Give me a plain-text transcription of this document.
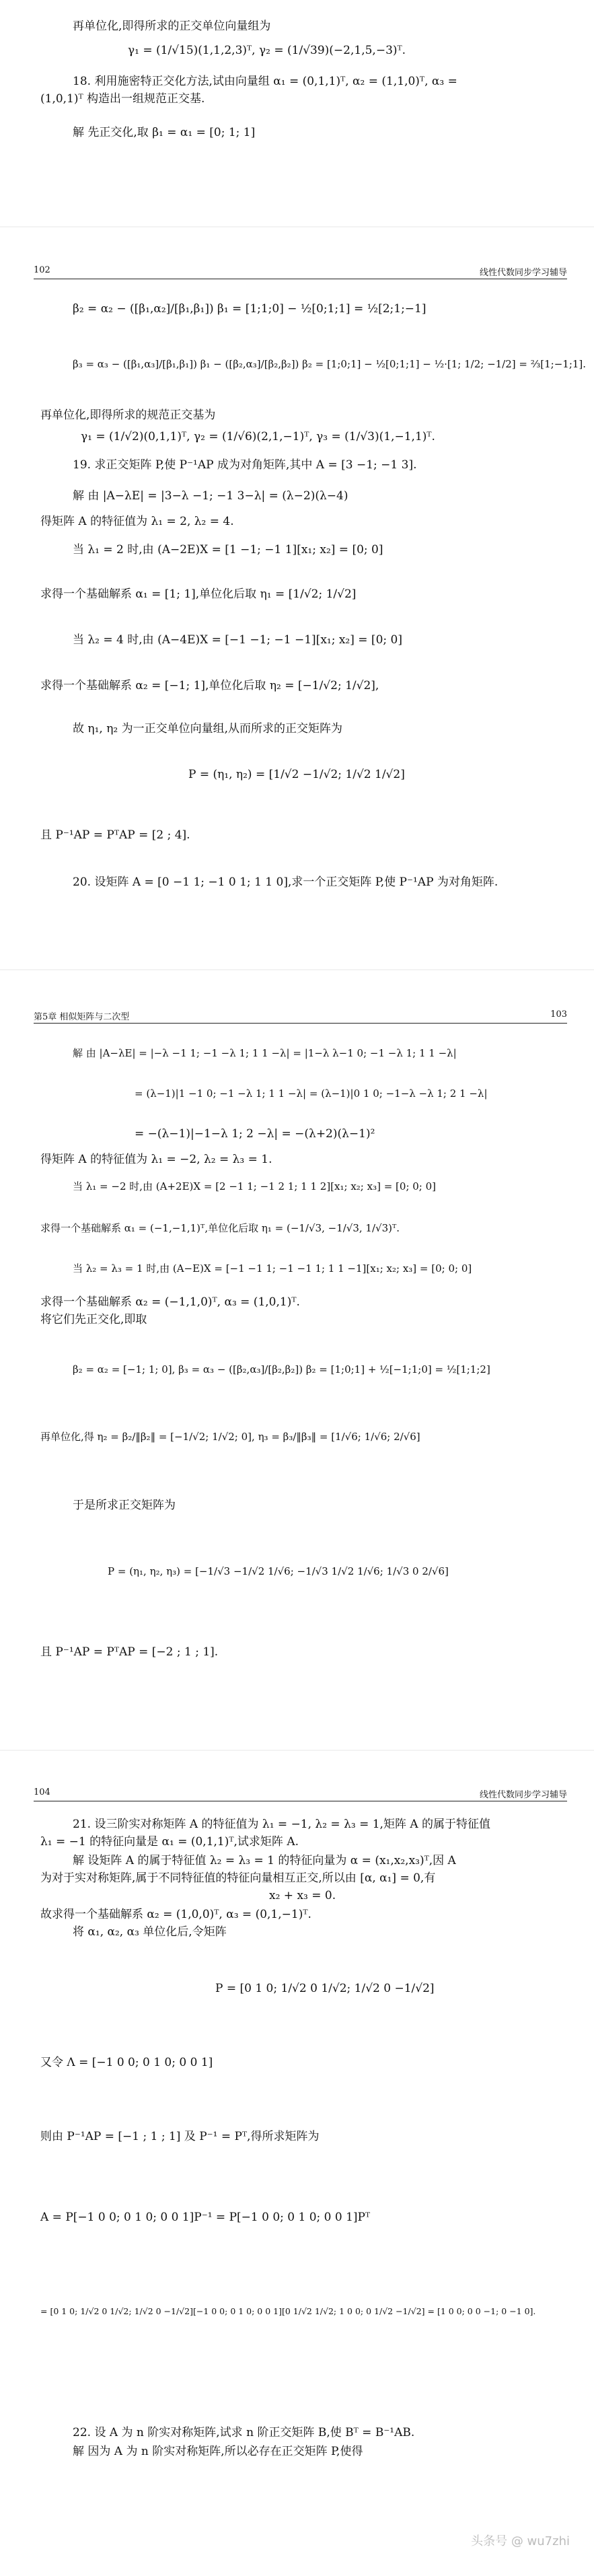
再单位化,即得所求的正交单位向量组为
γ₁ = (1/√15)(1,1,2,3)ᵀ, γ₂ = (1/√39)(−2,1,5,−3)ᵀ.
18. 利用施密特正交化方法,试由向量组 α₁ = (0,1,1)ᵀ, α₂ = (1,1,0)ᵀ, α₃ =
(1,0,1)ᵀ 构造出一组规范正交基.
解 先正交化,取 β₁ = α₁ = [0; 1; 1]
102	线性代数同步学习辅导
β₂ = α₂ − ([β₁,α₂]/[β₁,β₁]) β₁ = [1;1;0] − ½[0;1;1] = ½[2;1;−1]
β₃ = α₃ − ([β₁,α₃]/[β₁,β₁]) β₁ − ([β₂,α₃]/[β₂,β₂]) β₂ = [1;0;1] − ½[0;1;1] − ½·[1; 1/2; −1/2] = ⅔[1;−1;1].
再单位化,即得所求的规范正交基为
γ₁ = (1/√2)(0,1,1)ᵀ, γ₂ = (1/√6)(2,1,−1)ᵀ, γ₃ = (1/√3)(1,−1,1)ᵀ.
19. 求正交矩阵 P,使 P⁻¹AP 成为对角矩阵,其中 A = [3 −1; −1 3].
解 由 |A−λE| = |3−λ −1; −1 3−λ| = (λ−2)(λ−4)
得矩阵 A 的特征值为 λ₁ = 2, λ₂ = 4.
当 λ₁ = 2 时,由 (A−2E)X = [1 −1; −1 1][x₁; x₂] = [0; 0]
求得一个基础解系 α₁ = [1; 1],单位化后取 η₁ = [1/√2; 1/√2]
当 λ₂ = 4 时,由 (A−4E)X = [−1 −1; −1 −1][x₁; x₂] = [0; 0]
求得一个基础解系 α₂ = [−1; 1],单位化后取 η₂ = [−1/√2; 1/√2],
故 η₁, η₂ 为一正交单位向量组,从而所求的正交矩阵为
P = (η₁, η₂) = [1/√2 −1/√2; 1/√2 1/√2]
且 P⁻¹AP = PᵀAP = [2 ; 4].
20. 设矩阵 A = [0 −1 1; −1 0 1; 1 1 0],求一个正交矩阵 P,使 P⁻¹AP 为对角矩阵.
第5章 相似矩阵与二次型	103
解 由 |A−λE| = |−λ −1 1; −1 −λ 1; 1 1 −λ| = |1−λ λ−1 0; −1 −λ 1; 1 1 −λ|
= (λ−1)|1 −1 0; −1 −λ 1; 1 1 −λ| = (λ−1)|0 1 0; −1−λ −λ 1; 2 1 −λ|
= −(λ−1)|−1−λ 1; 2 −λ| = −(λ+2)(λ−1)²
得矩阵 A 的特征值为 λ₁ = −2, λ₂ = λ₃ = 1.
当 λ₁ = −2 时,由 (A+2E)X = [2 −1 1; −1 2 1; 1 1 2][x₁; x₂; x₃] = [0; 0; 0]
求得一个基础解系 α₁ = (−1,−1,1)ᵀ,单位化后取 η₁ = (−1/√3, −1/√3, 1/√3)ᵀ.
当 λ₂ = λ₃ = 1 时,由 (A−E)X = [−1 −1 1; −1 −1 1; 1 1 −1][x₁; x₂; x₃] = [0; 0; 0]
求得一个基础解系 α₂ = (−1,1,0)ᵀ, α₃ = (1,0,1)ᵀ.
将它们先正交化,即取
β₂ = α₂ = [−1; 1; 0], β₃ = α₃ − ([β₂,α₃]/[β₂,β₂]) β₂ = [1;0;1] + ½[−1;1;0] = ½[1;1;2]
再单位化,得 η₂ = β₂/‖β₂‖ = [−1/√2; 1/√2; 0], η₃ = β₃/‖β₃‖ = [1/√6; 1/√6; 2/√6]
于是所求正交矩阵为
P = (η₁, η₂, η₃) = [−1/√3 −1/√2 1/√6; −1/√3 1/√2 1/√6; 1/√3 0 2/√6]
且 P⁻¹AP = PᵀAP = [−2 ; 1 ; 1].
104	线性代数同步学习辅导
21. 设三阶实对称矩阵 A 的特征值为 λ₁ = −1, λ₂ = λ₃ = 1,矩阵 A 的属于特征值
λ₁ = −1 的特征向量是 α₁ = (0,1,1)ᵀ,试求矩阵 A.
解 设矩阵 A 的属于特征值 λ₂ = λ₃ = 1 的特征向量为 α = (x₁,x₂,x₃)ᵀ,因 A
为对于实对称矩阵,属于不同特征值的特征向量相互正交,所以由 [α, α₁] = 0,有
x₂ + x₃ = 0.
故求得一个基础解系 α₂ = (1,0,0)ᵀ, α₃ = (0,1,−1)ᵀ.
将 α₁, α₂, α₃ 单位化后,令矩阵
P = [0 1 0; 1/√2 0 1/√2; 1/√2 0 −1/√2]
又令 Λ = [−1 0 0; 0 1 0; 0 0 1]
则由 P⁻¹AP = [−1 ; 1 ; 1] 及 P⁻¹ = Pᵀ,得所求矩阵为
A = P[−1 0 0; 0 1 0; 0 0 1]P⁻¹ = P[−1 0 0; 0 1 0; 0 0 1]Pᵀ
= [0 1 0; 1/√2 0 1/√2; 1/√2 0 −1/√2][−1 0 0; 0 1 0; 0 0 1][0 1/√2 1/√2; 1 0 0; 0 1/√2 −1/√2] = [1 0 0; 0 0 −1; 0 −1 0].
22. 设 A 为 n 阶实对称矩阵,试求 n 阶正交矩阵 B,使 Bᵀ = B⁻¹AB.
解 因为 A 为 n 阶实对称矩阵,所以必存在正交矩阵 P,使得
头条号 @ wu7zhi
